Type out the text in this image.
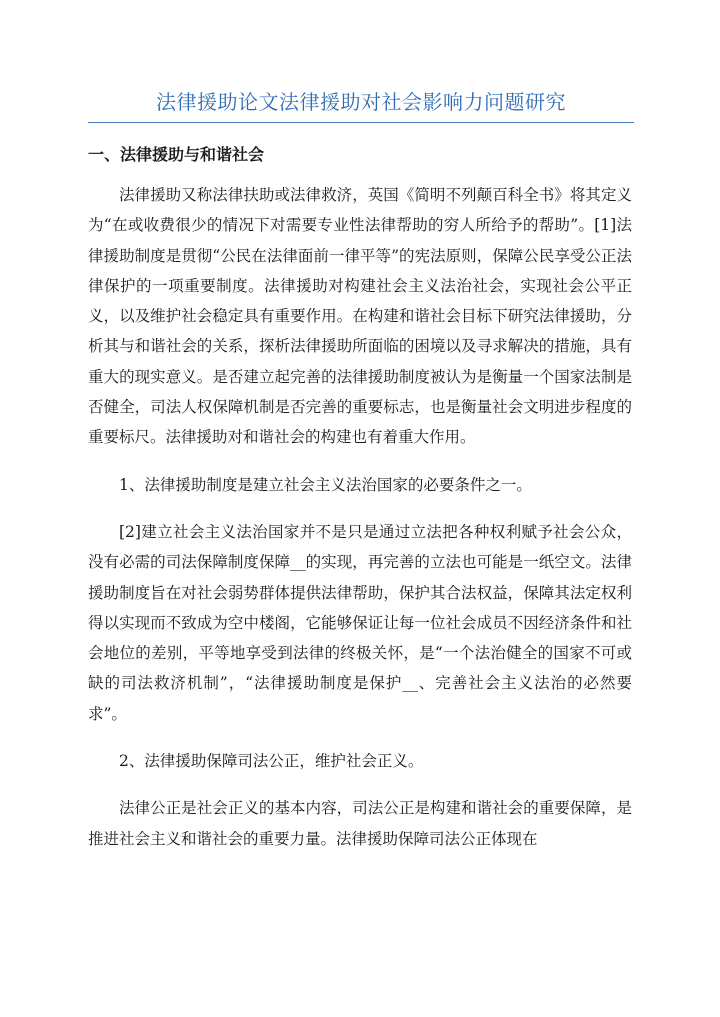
法律援助论文法律援助对社会影响力问题研究
一、法律援助与和谐社会

法律援助又称法律扶助或法律救济，英国《简明不列颠百科全书》将其定义为“在或收费很少的情况下对需要专业性法律帮助的穷人所给予的帮助”。[1]法律援助制度是贯彻“公民在法律面前一律平等”的宪法原则，保障公民享受公正法律保护的一项重要制度。法律援助对构建社会主义法治社会，实现社会公平正义，以及维护社会稳定具有重要作用。在构建和谐社会目标下研究法律援助，分析其与和谐社会的关系，探析法律援助所面临的困境以及寻求解决的措施，具有重大的现实意义。是否建立起完善的法律援助制度被认为是衡量一个国家法制是否健全，司法人权保障机制是否完善的重要标志，也是衡量社会文明进步程度的重要标尺。法律援助对和谐社会的构建也有着重大作用。

1、法律援助制度是建立社会主义法治国家的必要条件之一。

[2]建立社会主义法治国家并不是只是通过立法把各种权利赋予社会公众，没有必需的司法保障制度保障__的实现，再完善的立法也可能是一纸空文。法律援助制度旨在对社会弱势群体提供法律帮助，保护其合法权益，保障其法定权利得以实现而不致成为空中楼阁，它能够保证让每一位社会成员不因经济条件和社会地位的差别，平等地享受到法律的终极关怀，是“一个法治健全的国家不可或缺的司法救济机制”，“法律援助制度是保护__、完善社会主义法治的必然要求”。

2、法律援助保障司法公正，维护社会正义。

法律公正是社会正义的基本内容，司法公正是构建和谐社会的重要保障，是推进社会主义和谐社会的重要力量。法律援助保障司法公正体现在
